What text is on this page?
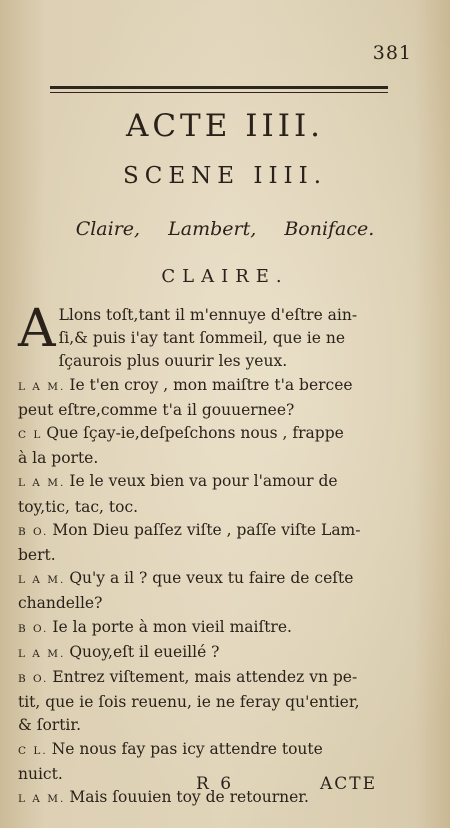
381
ACTE IIII.
SCENE IIII.
Claire, Lambert, Boniface.
CLAIRE.
A Llons toſt,tant il m'ennuye d'eſtre ain-
ſi,& puis i'ay tant ſommeil, que ie ne
ſçaurois plus ouurir les yeux.
L A M. Ie t'en croy , mon maiſtre t'a bercee
peut eſtre,comme t'a il gouuernee?
C L Que ſçay-ie,deſpeſchons nous , frappe
à la porte.
L A M. Ie le veux bien va pour l'amour de
toy,tic, tac, toc.
B O. Mon Dieu paſſez viſte , paſſe viſte Lam-
bert.
L A M. Qu'y a il ? que veux tu faire de ceſte
chandelle?
B O. Ie la porte à mon vieil maiſtre.
L A M. Quoy,eſt il eueillé ?
B O. Entrez viſtement, mais attendez vn pe-
tit, que ie ſois reuenu, ie ne feray qu'entier,
& ſortir.
C L. Ne nous fay pas icy attendre toute
nuict.
L A M. Mais ſouuien toy de retourner.
R 6	ACTE
